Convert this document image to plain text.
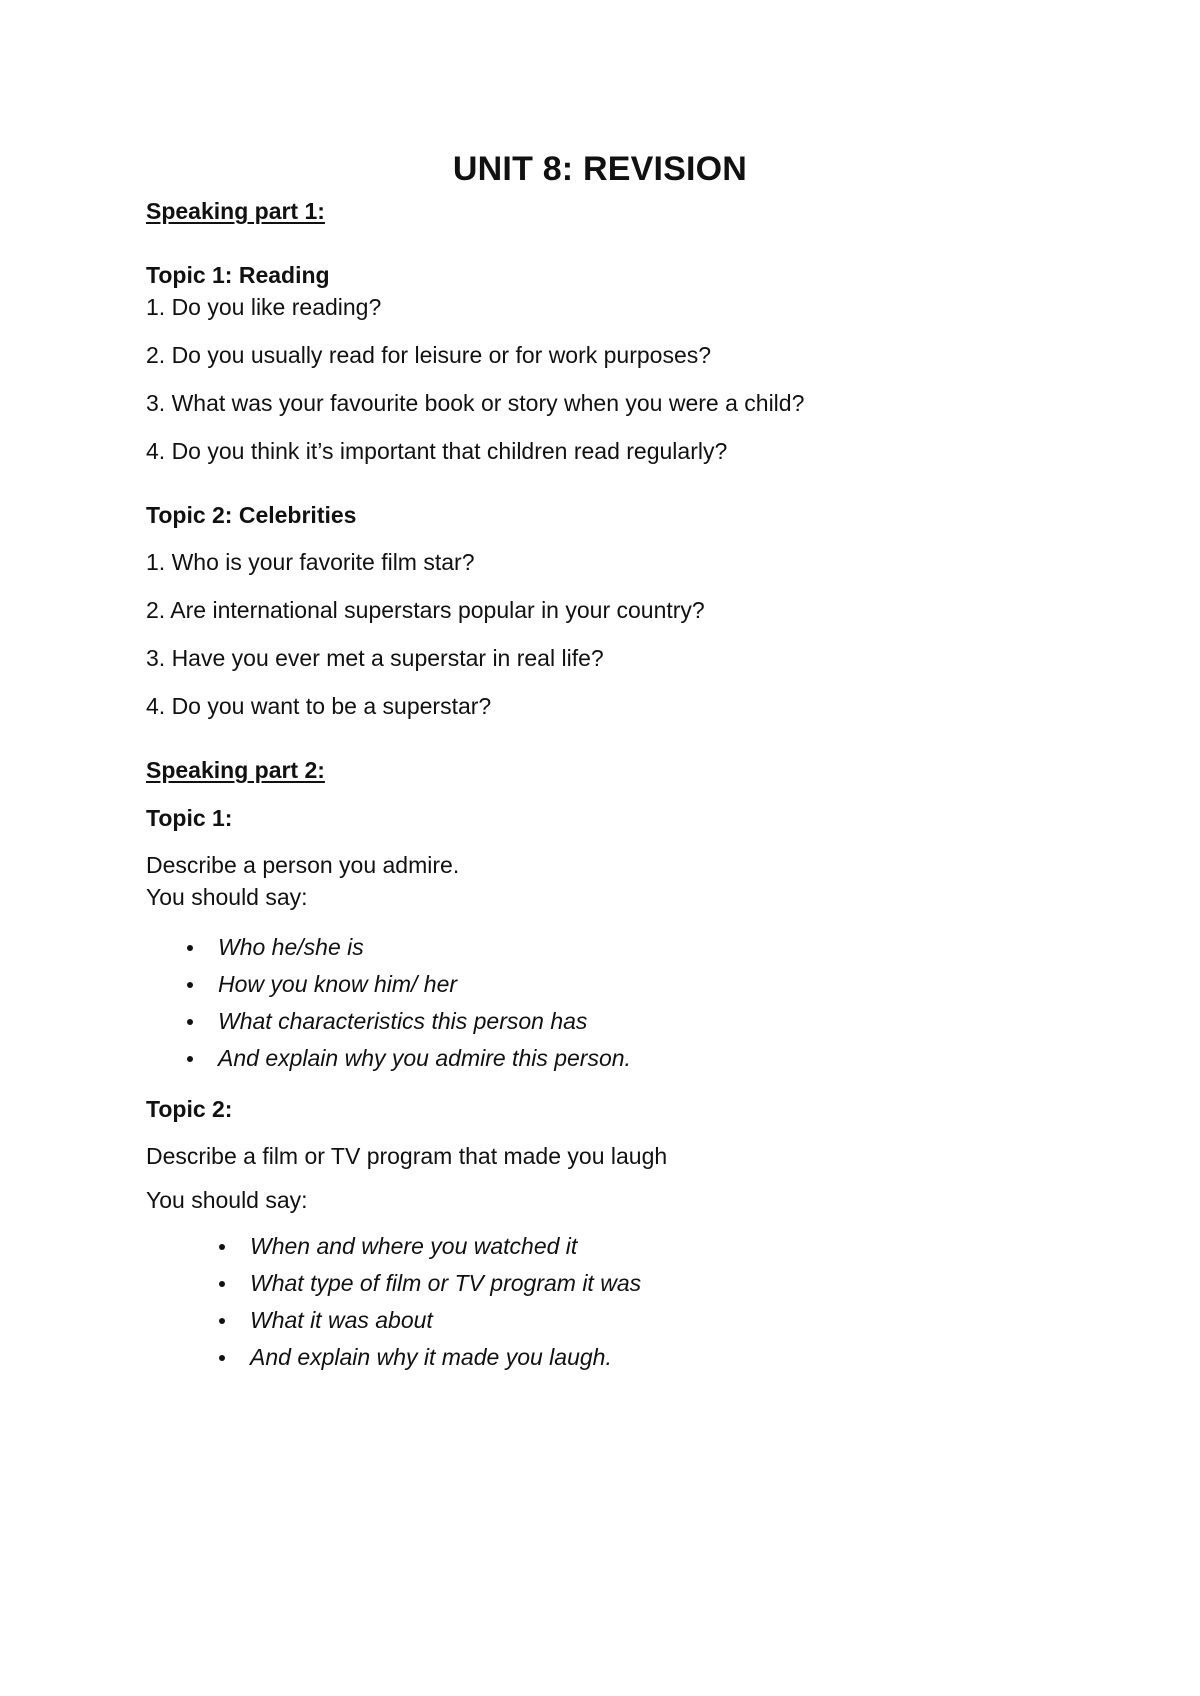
UNIT 8: REVISION
Speaking part 1:
Topic 1: Reading
1. Do you like reading?
2. Do you usually read for leisure or for work purposes?
3. What was your favourite book or story when you were a child?
4. Do you think it’s important that children read regularly?
Topic 2: Celebrities
1. Who is your favorite film star?
2. Are international superstars popular in your country?
3. Have you ever met a superstar in real life?
4. Do you want to be a superstar?
Speaking part 2:
Topic 1:
Describe a person you admire.
You should say:
Who he/she is
How you know him/ her
What characteristics this person has
And explain why you admire this person.
Topic 2:
Describe a film or TV program that made you laugh
You should say:
When and where you watched it
What type of film or TV program it was
What it was about
And explain why it made you laugh.
